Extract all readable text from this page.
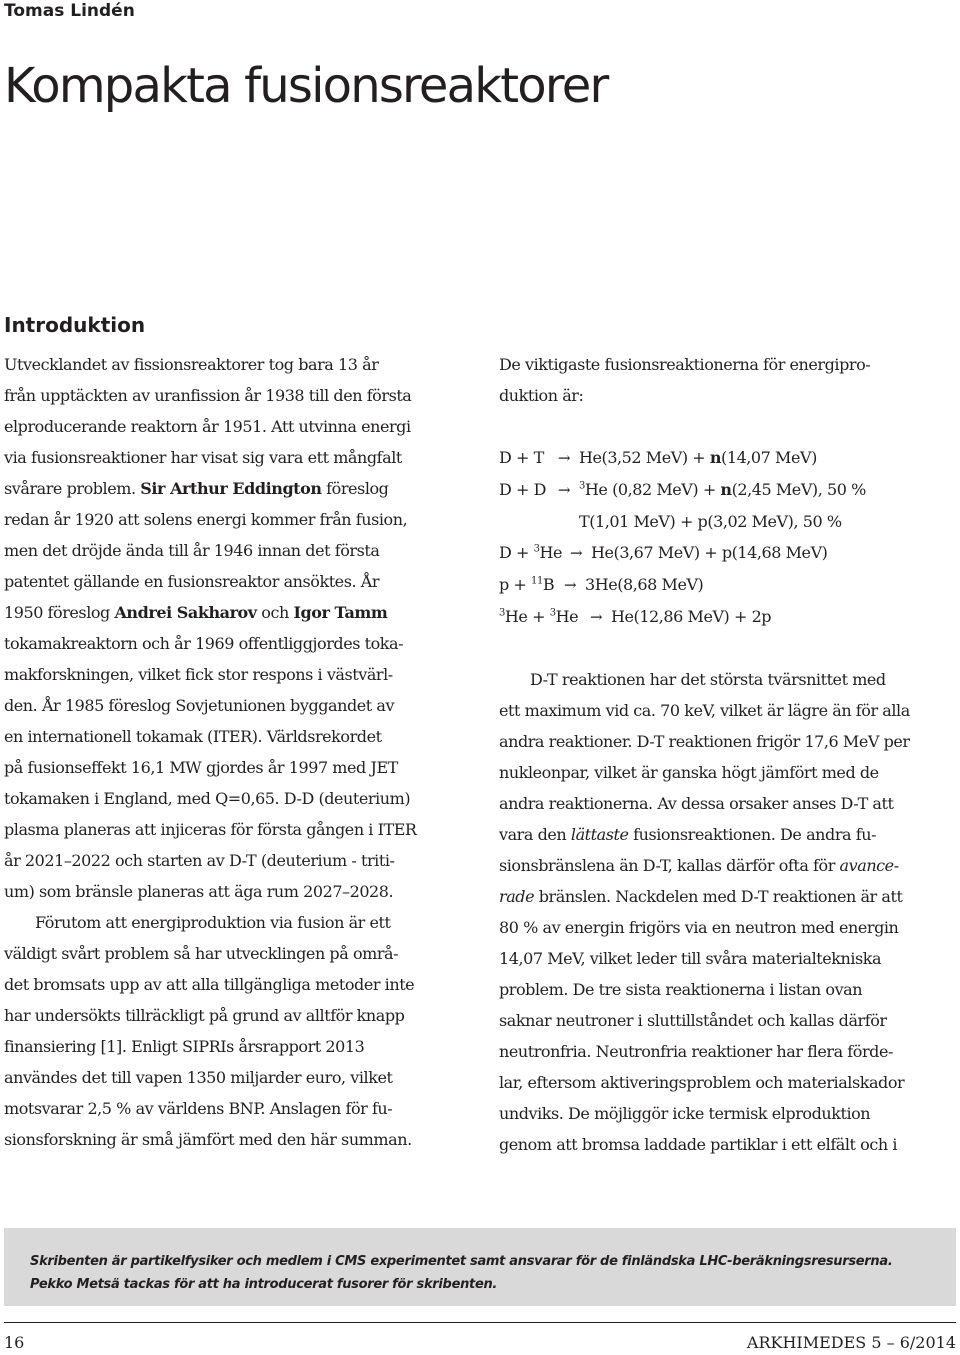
Tomas Lindén
Kompakta fusionsreaktorer
Introduktion

Utvecklandet av fissionsreaktorer tog bara 13 år

från upptäckten av uranfission år 1938 till den första

elproducerande reaktorn år 1951. Att utvinna energi

via fusionsreaktioner har visat sig vara ett mångfalt

svårare problem. Sir Arthur Eddington föreslog

redan år 1920 att solens energi kommer från fusion,

men det dröjde ända till år 1946 innan det första

patentet gällande en fusionsreaktor ansöktes. År

1950 föreslog Andrei Sakharov och Igor Tamm

tokamakreaktorn och år 1969 offentliggjordes toka-

makforskningen, vilket fick stor respons i västvärl-

den. År 1985 föreslog Sovjetunionen byggandet av

en internationell tokamak (ITER). Världsrekordet

på fusionseffekt 16,1 MW gjordes år 1997 med JET

tokamaken i England, med Q=0,65. D-D (deuterium)

plasma planeras att injiceras för första gången i ITER

år 2021–2022 och starten av D-T (deuterium - triti-

um) som bränsle planeras att äga rum 2027–2028.

Förutom att energiproduktion via fusion är ett

väldigt svårt problem så har utvecklingen på områ-

det bromsats upp av att alla tillgängliga metoder inte

har undersökts tillräckligt på grund av alltför knapp

finansiering [1]. Enligt SIPRIs årsrapport 2013

användes det till vapen 1350 miljarder euro, vilket

motsvarar 2,5 % av världens BNP. Anslagen för fu-

sionsforskning är små jämfört med den här summan.

De viktigaste fusionsreaktionerna för energipro-

duktion är:

D + T → He(3,52 MeV) + n(14,07 MeV)
D + D → $^3$He (0,82 MeV) + n(2,45 MeV), 50 %
T(1,01 MeV) + p(3,02 MeV), 50 %
D + $^3$He → He(3,67 MeV) + p(14,68 MeV)
p + $^{11}$B → 3He(8,68 MeV)
$^3$He + $^3$He → He(12,86 MeV) + 2p

D-T reaktionen har det största tvärsnittet med

ett maximum vid ca. 70 keV, vilket är lägre än för alla

andra reaktioner. D-T reaktionen frigör 17,6 MeV per

nukleonpar, vilket är ganska högt jämfört med de

andra reaktionerna. Av dessa orsaker anses D-T att

vara den lättaste fusionsreaktionen. De andra fu-

sionsbränslena än D-T, kallas därför ofta för avance-

rade bränslen. Nackdelen med D-T reaktionen är att

80 % av energin frigörs via en neutron med energin

14,07 MeV, vilket leder till svåra materialtekniska

problem. De tre sista reaktionerna i listan ovan

saknar neutroner i sluttillståndet och kallas därför

neutronfria. Neutronfria reaktioner har flera förde-

lar, eftersom aktiveringsproblem och materialskador

undviks. De möjliggör icke termisk elproduktion

genom att bromsa laddade partiklar i ett elfält och i

Skribenten är partikelfysiker och medlem i CMS experimentet samt ansvarar för de finländska LHC-beräkningsresurserna.
Pekko Metsä tackas för att ha introducerat fusorer för skribenten.

16	ARKHIMEDES 5 – 6/2014
